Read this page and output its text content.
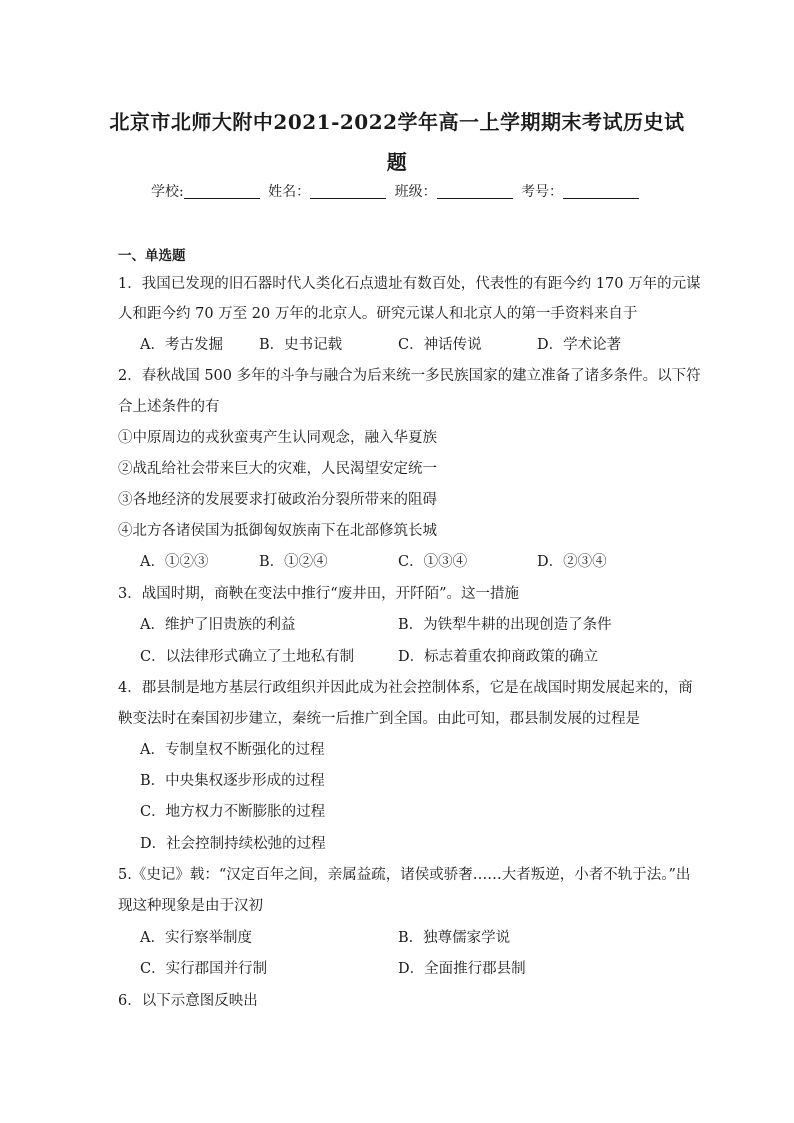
北京市北师大附中2021-2022学年高一上学期期末考试历史试
题
学校:	姓名：	班级：	考号：
一、单选题
1．我国已发现的旧石器时代人类化石点遗址有数百处，代表性的有距今约 170 万年的元谋
人和距今约 70 万至 20 万年的北京人。研究元谋人和北京人的第一手资料来自于
A．考古发掘 B．史书记载	C．神话传说	D．学术论著
2．春秋战国 500 多年的斗争与融合为后来统一多民族国家的建立准备了诸多条件。以下符
合上述条件的有
①中原周边的戎狄蛮夷产生认同观念，融入华夏族
②战乱给社会带来巨大的灾难，人民渴望安定统一
③各地经济的发展要求打破政治分裂所带来的阻碍
④北方各诸侯国为抵御匈奴族南下在北部修筑长城
A．①②③	B．①②④	C．①③④	D．②③④
3．战国时期，商鞅在变法中推行“废井田，开阡陌”。这一措施
A．维护了旧贵族的利益	B．为铁犁牛耕的出现创造了条件
C．以法律形式确立了土地私有制	D．标志着重农抑商政策的确立
4．郡县制是地方基层行政组织并因此成为社会控制体系，它是在战国时期发展起来的，商
鞅变法时在秦国初步建立，秦统一后推广到全国。由此可知，郡县制发展的过程是
A．专制皇权不断强化的过程
B．中央集权逐步形成的过程
C．地方权力不断膨胀的过程
D．社会控制持续松弛的过程
5.《史记》载：“汉定百年之间，亲属益疏，诸侯或骄奢……大者叛逆，小者不轨于法。”出
现这种现象是由于汉初
A．实行察举制度	B．独尊儒家学说
C．实行郡国并行制	D．全面推行郡县制
6．以下示意图反映出
